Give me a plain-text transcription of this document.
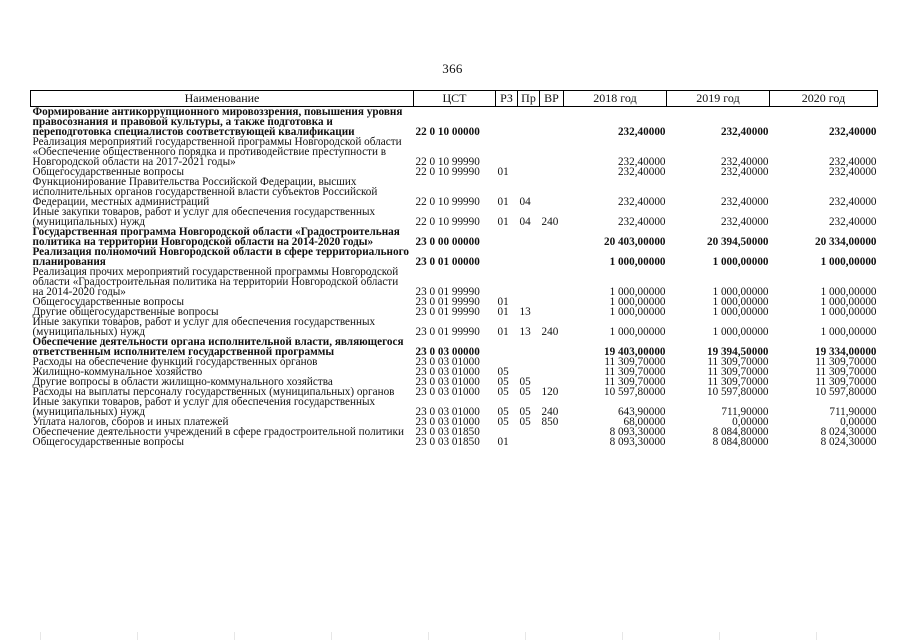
366
Наименование	ЦСТ	РЗ	Пр	ВР	2018 год	2019 год	2020 год
Формирование антикоррупционного мировоззрения, повышения уровня правосознания и правовой культуры, а также подготовка и переподготовка специалистов соответствующей квалификации	22 0 10 00000				232,40000	232,40000	232,40000
Реализация мероприятий государственной программы Новгородской области «Обеспечение общественного порядка и противодействие преступности в Новгородской области на 2017-2021 годы»	22 0 10 99990				232,40000	232,40000	232,40000
Общегосударственные вопросы	22 0 10 99990	01			232,40000	232,40000	232,40000
Функционирование Правительства Российской Федерации, высших исполнительных органов государственной власти субъектов Российской Федерации, местных администраций	22 0 10 99990	01	04		232,40000	232,40000	232,40000
Иные закупки товаров, работ и услуг для обеспечения государственных (муниципальных) нужд	22 0 10 99990	01	04	240	232,40000	232,40000	232,40000
Государственная программа Новгородской области «Градостроительная политика на территории Новгородской области на 2014-2020 годы»	23 0 00 00000				20 403,00000	20 394,50000	20 334,00000
Реализация полномочий Новгородской области в сфере территориального планирования	23 0 01 00000				1 000,00000	1 000,00000	1 000,00000
Реализация прочих мероприятий государственной программы Новгородской области «Градостроительная политика на территории Новгородской области на 2014-2020 годы»	23 0 01 99990				1 000,00000	1 000,00000	1 000,00000
Общегосударственные вопросы	23 0 01 99990	01			1 000,00000	1 000,00000	1 000,00000
Другие общегосударственные вопросы	23 0 01 99990	01	13		1 000,00000	1 000,00000	1 000,00000
Иные закупки товаров, работ и услуг для обеспечения государственных (муниципальных) нужд	23 0 01 99990	01	13	240	1 000,00000	1 000,00000	1 000,00000
Обеспечение деятельности органа исполнительной власти, являющегося ответственным исполнителем государственной программы	23 0 03 00000				19 403,00000	19 394,50000	19 334,00000
Расходы на обеспечение функций государственных органов	23 0 03 01000				11 309,70000	11 309,70000	11 309,70000
Жилищно-коммунальное хозяйство	23 0 03 01000	05			11 309,70000	11 309,70000	11 309,70000
Другие вопросы в области жилищно-коммунального хозяйства	23 0 03 01000	05	05		11 309,70000	11 309,70000	11 309,70000
Расходы на выплаты персоналу государственных (муниципальных) органов	23 0 03 01000	05	05	120	10 597,80000	10 597,80000	10 597,80000
Иные закупки товаров, работ и услуг для обеспечения государственных (муниципальных) нужд	23 0 03 01000	05	05	240	643,90000	711,90000	711,90000
Уплата налогов, сборов и иных платежей	23 0 03 01000	05	05	850	68,00000	0,00000	0,00000
Обеспечение деятельности учреждений в сфере градостроительной политики	23 0 03 01850				8 093,30000	8 084,80000	8 024,30000
Общегосударственные вопросы	23 0 03 01850	01			8 093,30000	8 084,80000	8 024,30000
